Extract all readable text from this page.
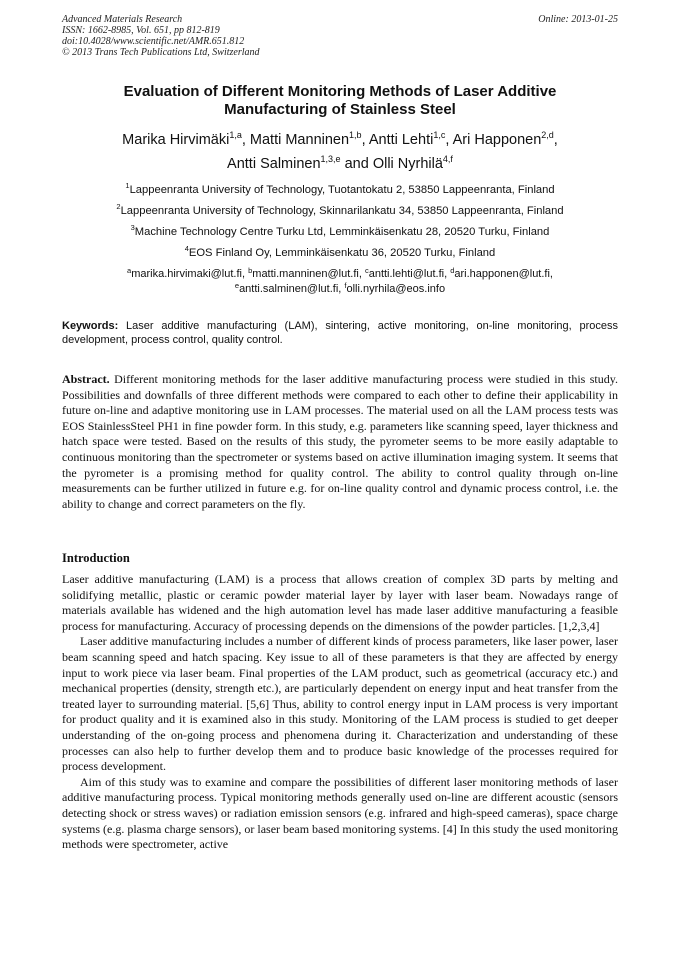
Advanced Materials Research
ISSN: 1662-8985, Vol. 651, pp 812-819
doi:10.4028/www.scientific.net/AMR.651.812
© 2013 Trans Tech Publications Ltd, Switzerland
Online: 2013-01-25
Evaluation of Different Monitoring Methods of Laser Additive
Manufacturing of Stainless Steel
Marika Hirvimäki$^{1,a}$, Matti Manninen$^{1,b}$, Antti Lehti$^{1,c}$, Ari Happonen$^{2,d}$,
Antti Salminen$^{1,3,e}$ and Olli Nyrhilä$^{4,f}$
$^1$Lappeenranta University of Technology, Tuotantokatu 2, 53850 Lappeenranta, Finland
$^2$Lappeenranta University of Technology, Skinnarilankatu 34, 53850 Lappeenranta, Finland
$^3$Machine Technology Centre Turku Ltd, Lemminkäisenkatu 28, 20520 Turku, Finland
$^4$EOS Finland Oy, Lemminkäisenkatu 36, 20520 Turku, Finland
$^a$marika.hirvimaki@lut.fi, $^b$matti.manninen@lut.fi, $^c$antti.lehti@lut.fi, $^d$ari.happonen@lut.fi,
$^e$antti.salminen@lut.fi, $^f$olli.nyrhila@eos.info
Keywords: Laser additive manufacturing (LAM), sintering, active monitoring, on-line monitoring, process development, process control, quality control.
Abstract. Different monitoring methods for the laser additive manufacturing process were studied in this study. Possibilities and downfalls of three different methods were compared to each other to define their applicability in future on-line and adaptive monitoring use in LAM processes. The material used on all the LAM process tests was EOS StainlessSteel PH1 in fine powder form. In this study, e.g. parameters like scanning speed, layer thickness and hatch space were tested. Based on the results of this study, the pyrometer seems to be more easily adaptable to continuous monitoring than the spectrometer or systems based on active illumination imaging system. It seems that the pyrometer is a promising method for quality control. The ability to control quality through on-line measurements can be further utilized in future e.g. for on-line quality control and dynamic process control, i.e. the ability to change and correct parameters on the fly.
Introduction

Laser additive manufacturing (LAM) is a process that allows creation of complex 3D parts by melting and solidifying metallic, plastic or ceramic powder material layer by layer with laser beam. Nowadays range of materials available has widened and the high automation level has made laser additive manufacturing a feasible process for manufacturing. Accuracy of processing depends on the dimensions of the powder particles. [1,2,3,4]

Laser additive manufacturing includes a number of different kinds of process parameters, like laser power, laser beam scanning speed and hatch spacing. Key issue to all of these parameters is that they are affected by energy input to work piece via laser beam. Final properties of the LAM product, such as geometrical (accuracy etc.) and mechanical properties (density, strength etc.), are particularly dependent on energy input and heat transfer from the treated layer to surrounding material. [5,6] Thus, ability to control energy input in LAM process is very important for product quality and it is examined also in this study. Monitoring of the LAM process is studied to get deeper understanding of the on-going process and phenomena during it. Characterization and understanding of these processes can also help to further develop them and to produce basic knowledge of the processes required for process development.

Aim of this study was to examine and compare the possibilities of different laser monitoring methods of laser additive manufacturing process. Typical monitoring methods generally used on-line are different acoustic (sensors detecting shock or stress waves) or radiation emission sensors (e.g. infrared and high-speed cameras), space charge systems (e.g. plasma charge sensors), or laser beam based monitoring systems. [4] In this study the used monitoring methods were spectrometer, active
